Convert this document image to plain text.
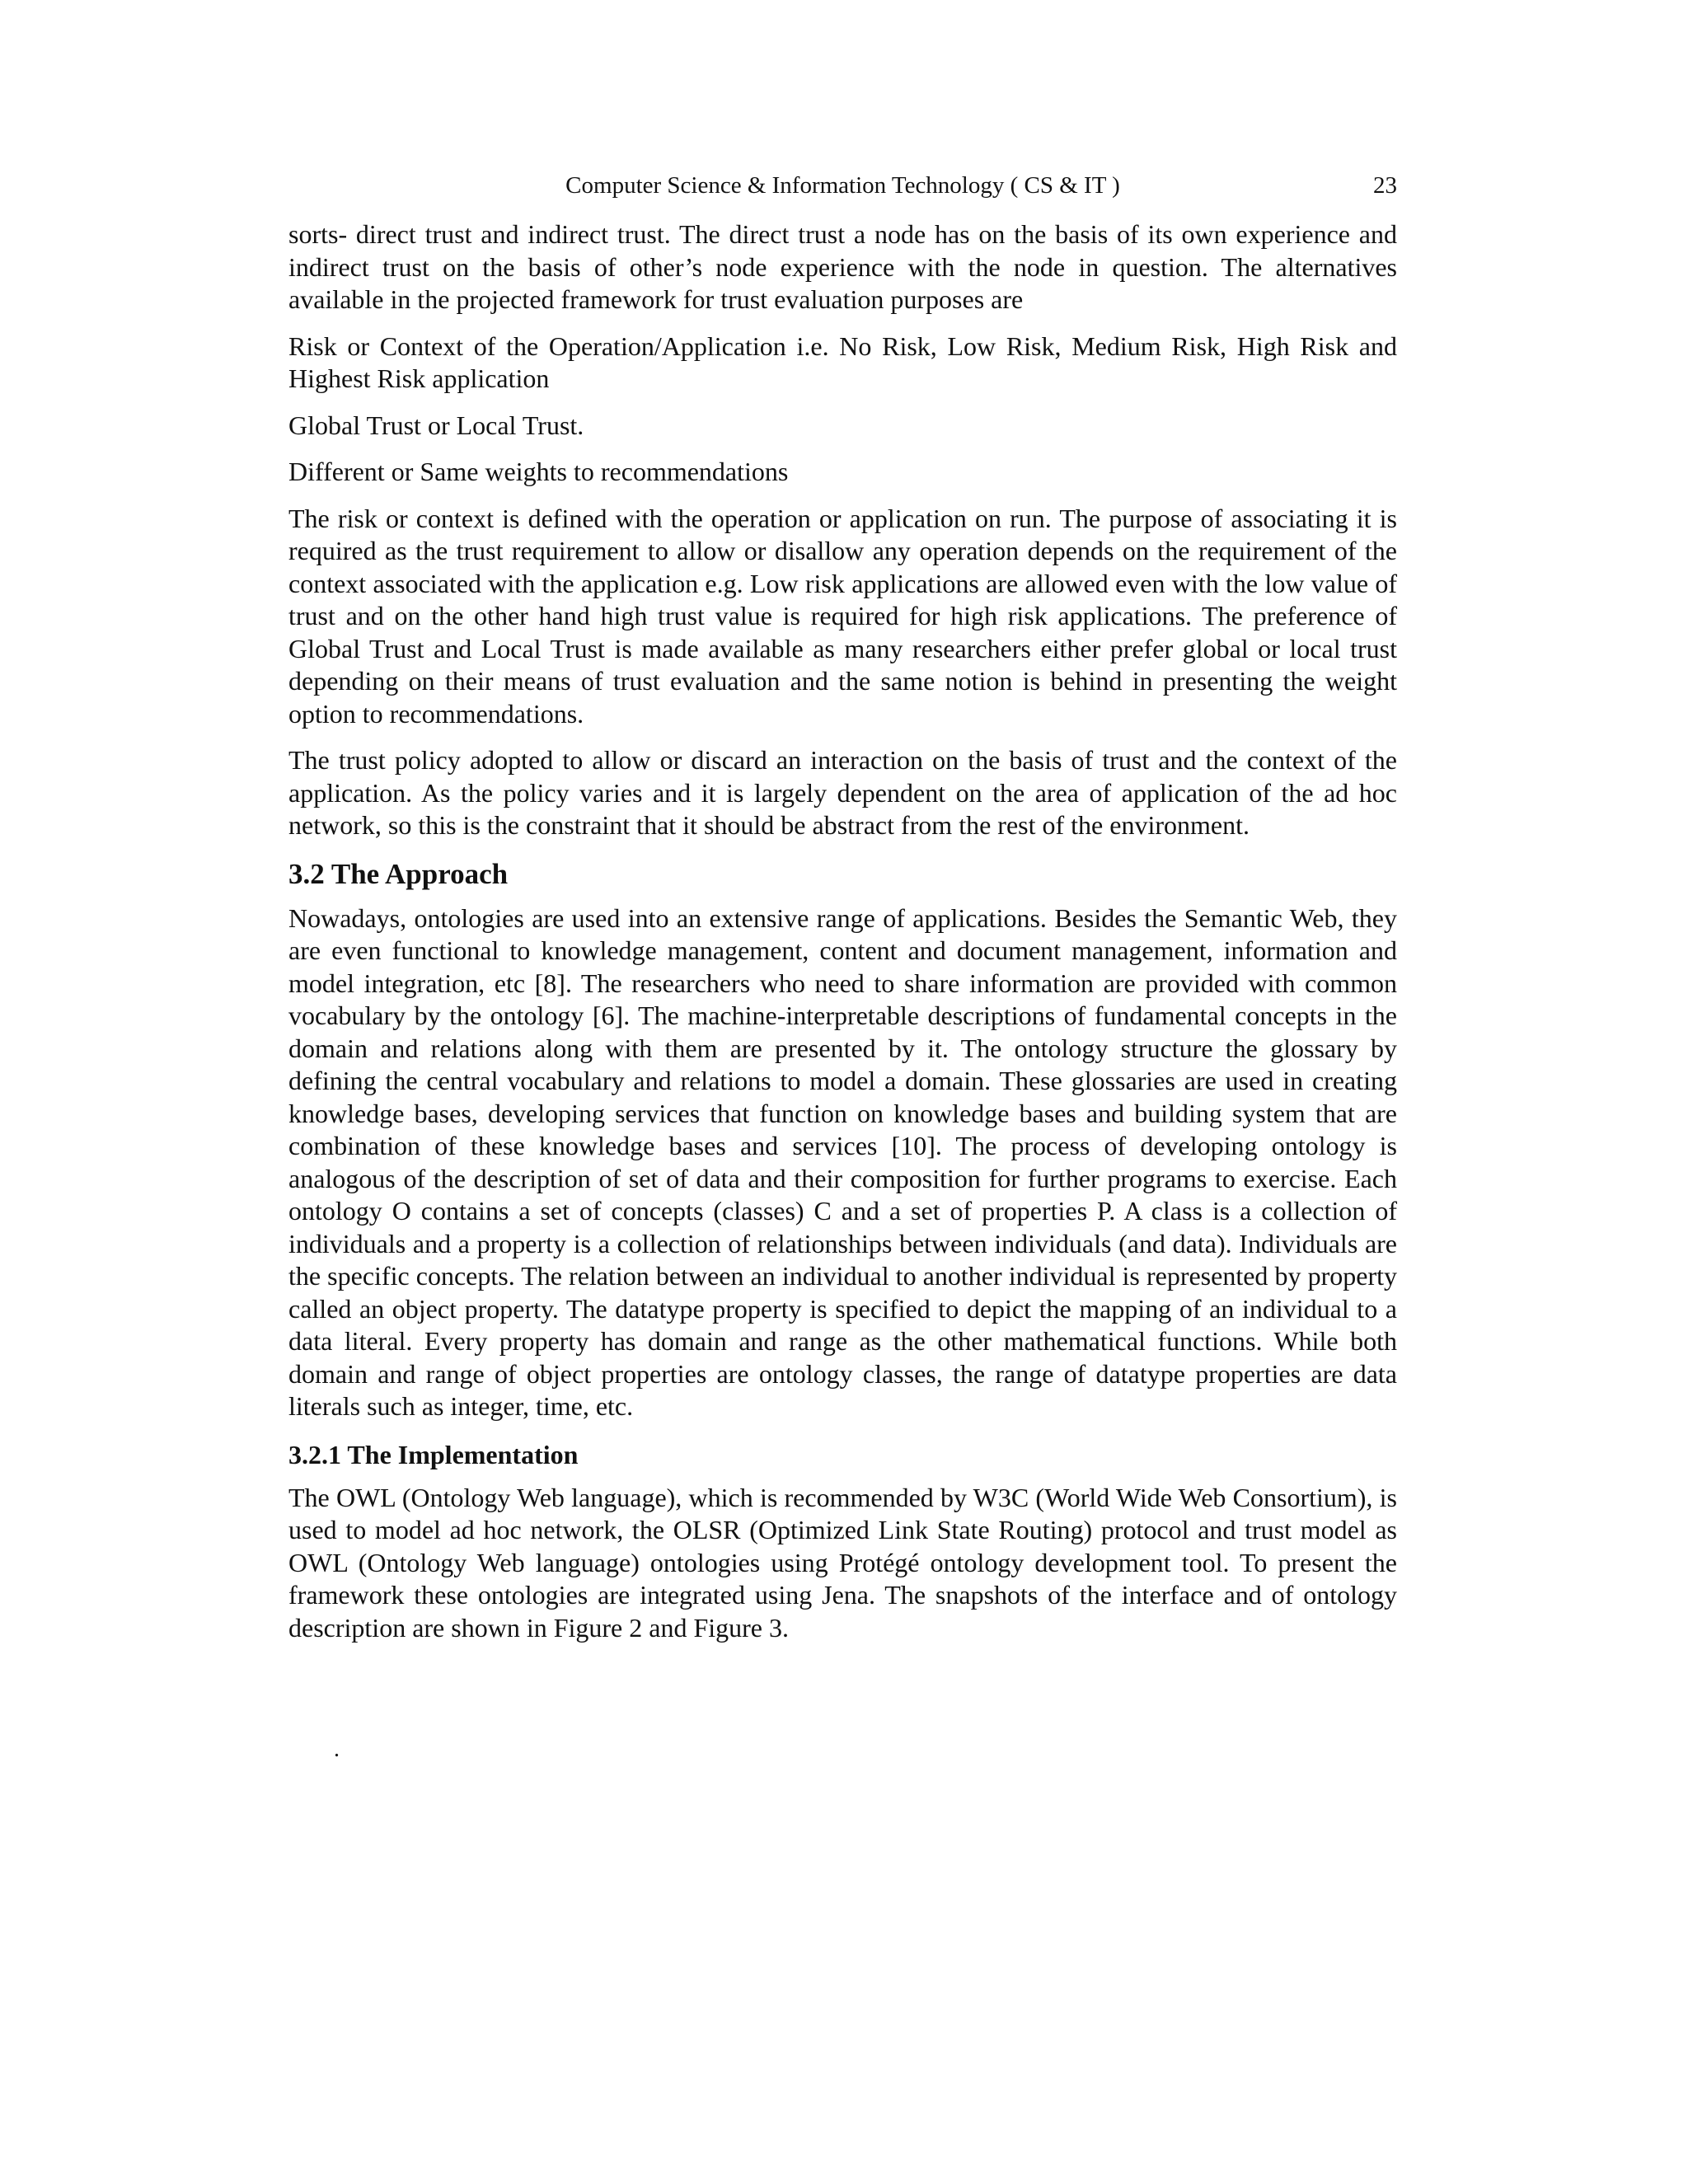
Computer Science & Information Technology ( CS & IT )	23

sorts- direct trust and indirect trust. The direct trust a node has on the basis of its own experience and indirect trust on the basis of other’s node experience with the node in question. The alternatives available in the projected framework for trust evaluation purposes are

Risk or Context of the Operation/Application i.e. No Risk, Low Risk, Medium Risk, High Risk and Highest Risk application

Global Trust or Local Trust.

Different or Same weights to recommendations

The risk or context is defined with the operation or application on run. The purpose of associating it is required as the trust requirement to allow or disallow any operation depends on the requirement of the context associated with the application e.g. Low risk applications are allowed even with the low value of trust and on the other hand high trust value is required for high risk applications. The preference of Global Trust and Local Trust is made available as many researchers either prefer global or local trust depending on their means of trust evaluation and the same notion is behind in presenting the weight option to recommendations.

The trust policy adopted to allow or discard an interaction on the basis of trust and the context of the application. As the policy varies and it is largely dependent on the area of application of the ad hoc network, so this is the constraint that it should be abstract from the rest of the environment.

3.2 The Approach

Nowadays, ontologies are used into an extensive range of applications. Besides the Semantic Web, they are even functional to knowledge management, content and document management, information and model integration, etc [8]. The researchers who need to share information are provided with common vocabulary by the ontology [6]. The machine-interpretable descriptions of fundamental concepts in the domain and relations along with them are presented by it. The ontology structure the glossary by defining the central vocabulary and relations to model a domain. These glossaries are used in creating knowledge bases, developing services that function on knowledge bases and building system that are combination of these knowledge bases and services [10]. The process of developing ontology is analogous of the description of set of data and their composition for further programs to exercise. Each ontology O contains a set of concepts (classes) C and a set of properties P. A class is a collection of individuals and a property is a collection of relationships between individuals (and data). Individuals are the specific concepts. The relation between an individual to another individual is represented by property called an object property. The datatype property is specified to depict the mapping of an individual to a data literal. Every property has domain and range as the other mathematical functions. While both domain and range of object properties are ontology classes, the range of datatype properties are data literals such as integer, time, etc.

3.2.1 The Implementation

The OWL (Ontology Web language), which is recommended by W3C (World Wide Web Consortium), is used to model ad hoc network, the OLSR (Optimized Link State Routing) protocol and trust model as OWL (Ontology Web language) ontologies using Protégé ontology development tool. To present the framework these ontologies are integrated using Jena. The snapshots of the interface and of ontology description are shown in Figure 2 and Figure 3.

.
